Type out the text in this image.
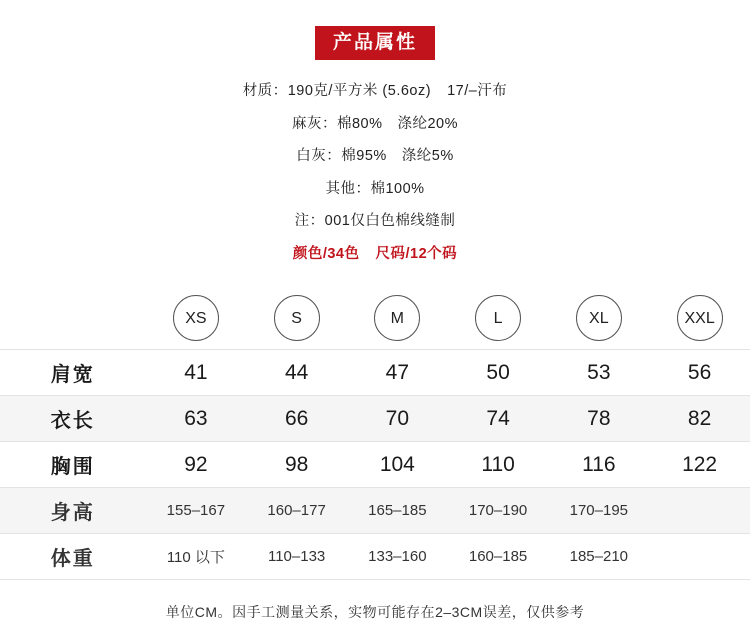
产品属性
材质：190克/平方米 (5.6oz) 17/–汗布
麻灰：棉80%　涤纶20%
白灰：棉95%　涤纶5%
其他：棉100%
注：001仅白色棉线缝制
颜色/34色 尺码/12个码
	XS	S	M	L	XL	XXL
肩宽	41	44	47	50	53	56
衣长	63	66	70	74	78	82
胸围	92	98	104	110	116	122
身高	155–167	160–177	165–185	170–190	170–195	
体重	110 以下	110–133	133–160	160–185	185–210	
单位CM。因手工测量关系，实物可能存在2–3CM误差，仅供参考
